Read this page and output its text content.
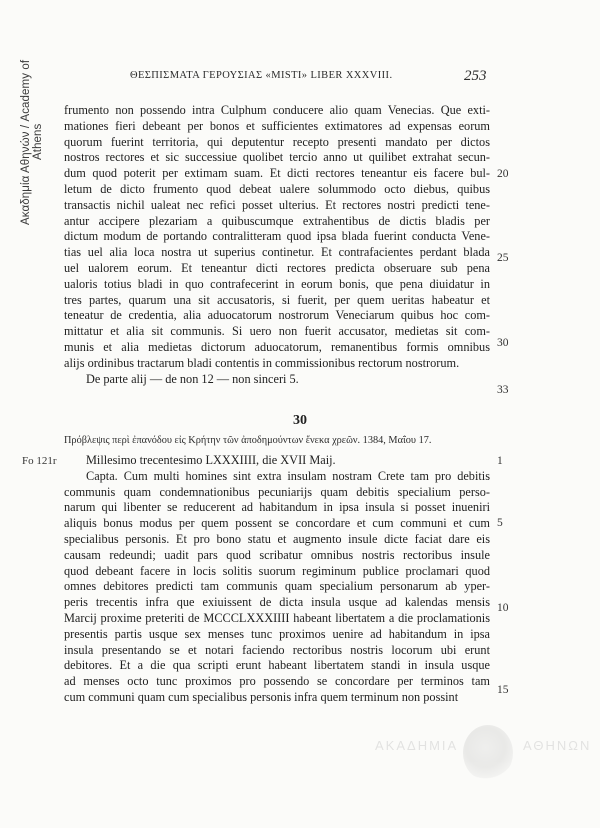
Ακαδημία Αθηνών / Academy of Athens
ΘΕΣΠΙΣΜΑΤΑ ΓΕΡΟΥΣΙΑΣ «MISTI» LIBER XXXVIII.	253
frumento non possendo intra Culphum conducere alio quam Venecias. Que exti-
mationes fieri debeant per bonos et sufficientes extimatores ad expensas eorum
quorum fuerint territoria, qui deputentur recepto presenti mandato per dictos
nostros rectores et sic successiue quolibet tercio anno ut quilibet extrahat secun-
dum quod poterit per extimam suam. Et dicti rectores teneantur eis facere bul-
letum de dicto frumento quod debeat ualere solummodo octo diebus, quibus
transactis nichil ualeat nec refici posset ulterius. Et rectores nostri predicti tene-
antur accipere plezariam a quibuscumque extrahentibus de dictis bladis per
dictum modum de portando contralitteram quod ipsa blada fuerint conducta Vene-
tias uel alia loca nostra ut superius continetur. Et contrafacientes perdant blada
uel ualorem eorum. Et teneantur dicti rectores predicta obseruare sub pena
ualoris totius bladi in quo contrafecerint in eorum bonis, que pena diuidatur in
tres partes, quarum una sit accusatoris, si fuerit, per quem ueritas habeatur et
teneatur de credentia, alia aduocatorum nostrorum Veneciarum quibus hoc com-
mittatur et alia sit communis. Si uero non fuerit accusator, medietas sit com-
munis et alia medietas dictorum aduocatorum, remanentibus formis omnibus
alijs ordinibus tractarum bladi contentis in commissionibus rectorum nostrorum.
De parte alij — de non 12 — non sinceri 5.
20
25
30
33
30
Πρόβλεψις περὶ ἐπανόδου εἰς Κρήτην τῶν ἀποδημούντων ἕνεκα χρεῶν. 1384, Μαΐου 17.
Fo 121r	Millesimo trecentesimo LXXXIIII, die XVII Maij.
Capta. Cum multi homines sint extra insulam nostram Crete tam pro debitis
communis quam condemnationibus pecuniarijs quam debitis specialium perso-
narum qui libenter se reducerent ad habitandum in ipsa insula si posset inueniri
aliquis bonus modus per quem possent se concordare et cum communi et cum
specialibus personis. Et pro bono statu et augmento insule dicte faciat dare eis
causam redeundi; uadit pars quod scribatur omnibus nostris rectoribus insule
quod debeant facere in locis solitis suorum regiminum publice proclamari quod
omnes debitores predicti tam communis quam specialium personarum ab yper-
peris trecentis infra que exiuissent de dicta insula usque ad kalendas mensis
Marcij proxime preteriti de MCCCLXXXIIII habeant libertatem a die proclamationis
presentis partis usque sex menses tunc proximos uenire ad habitandum in ipsa
insula presentando se et notari faciendo rectoribus nostris locorum ubi erunt
debitores. Et a die qua scripti erunt habeant libertatem standi in insula usque
ad menses octo tunc proximos pro possendo se concordare per terminos tam
cum communi quam cum specialibus personis infra quem terminum non possint
1
5
10
15
ΑΚΑΔΗΜΙΑ	ΑΘΗΝΩΝ
